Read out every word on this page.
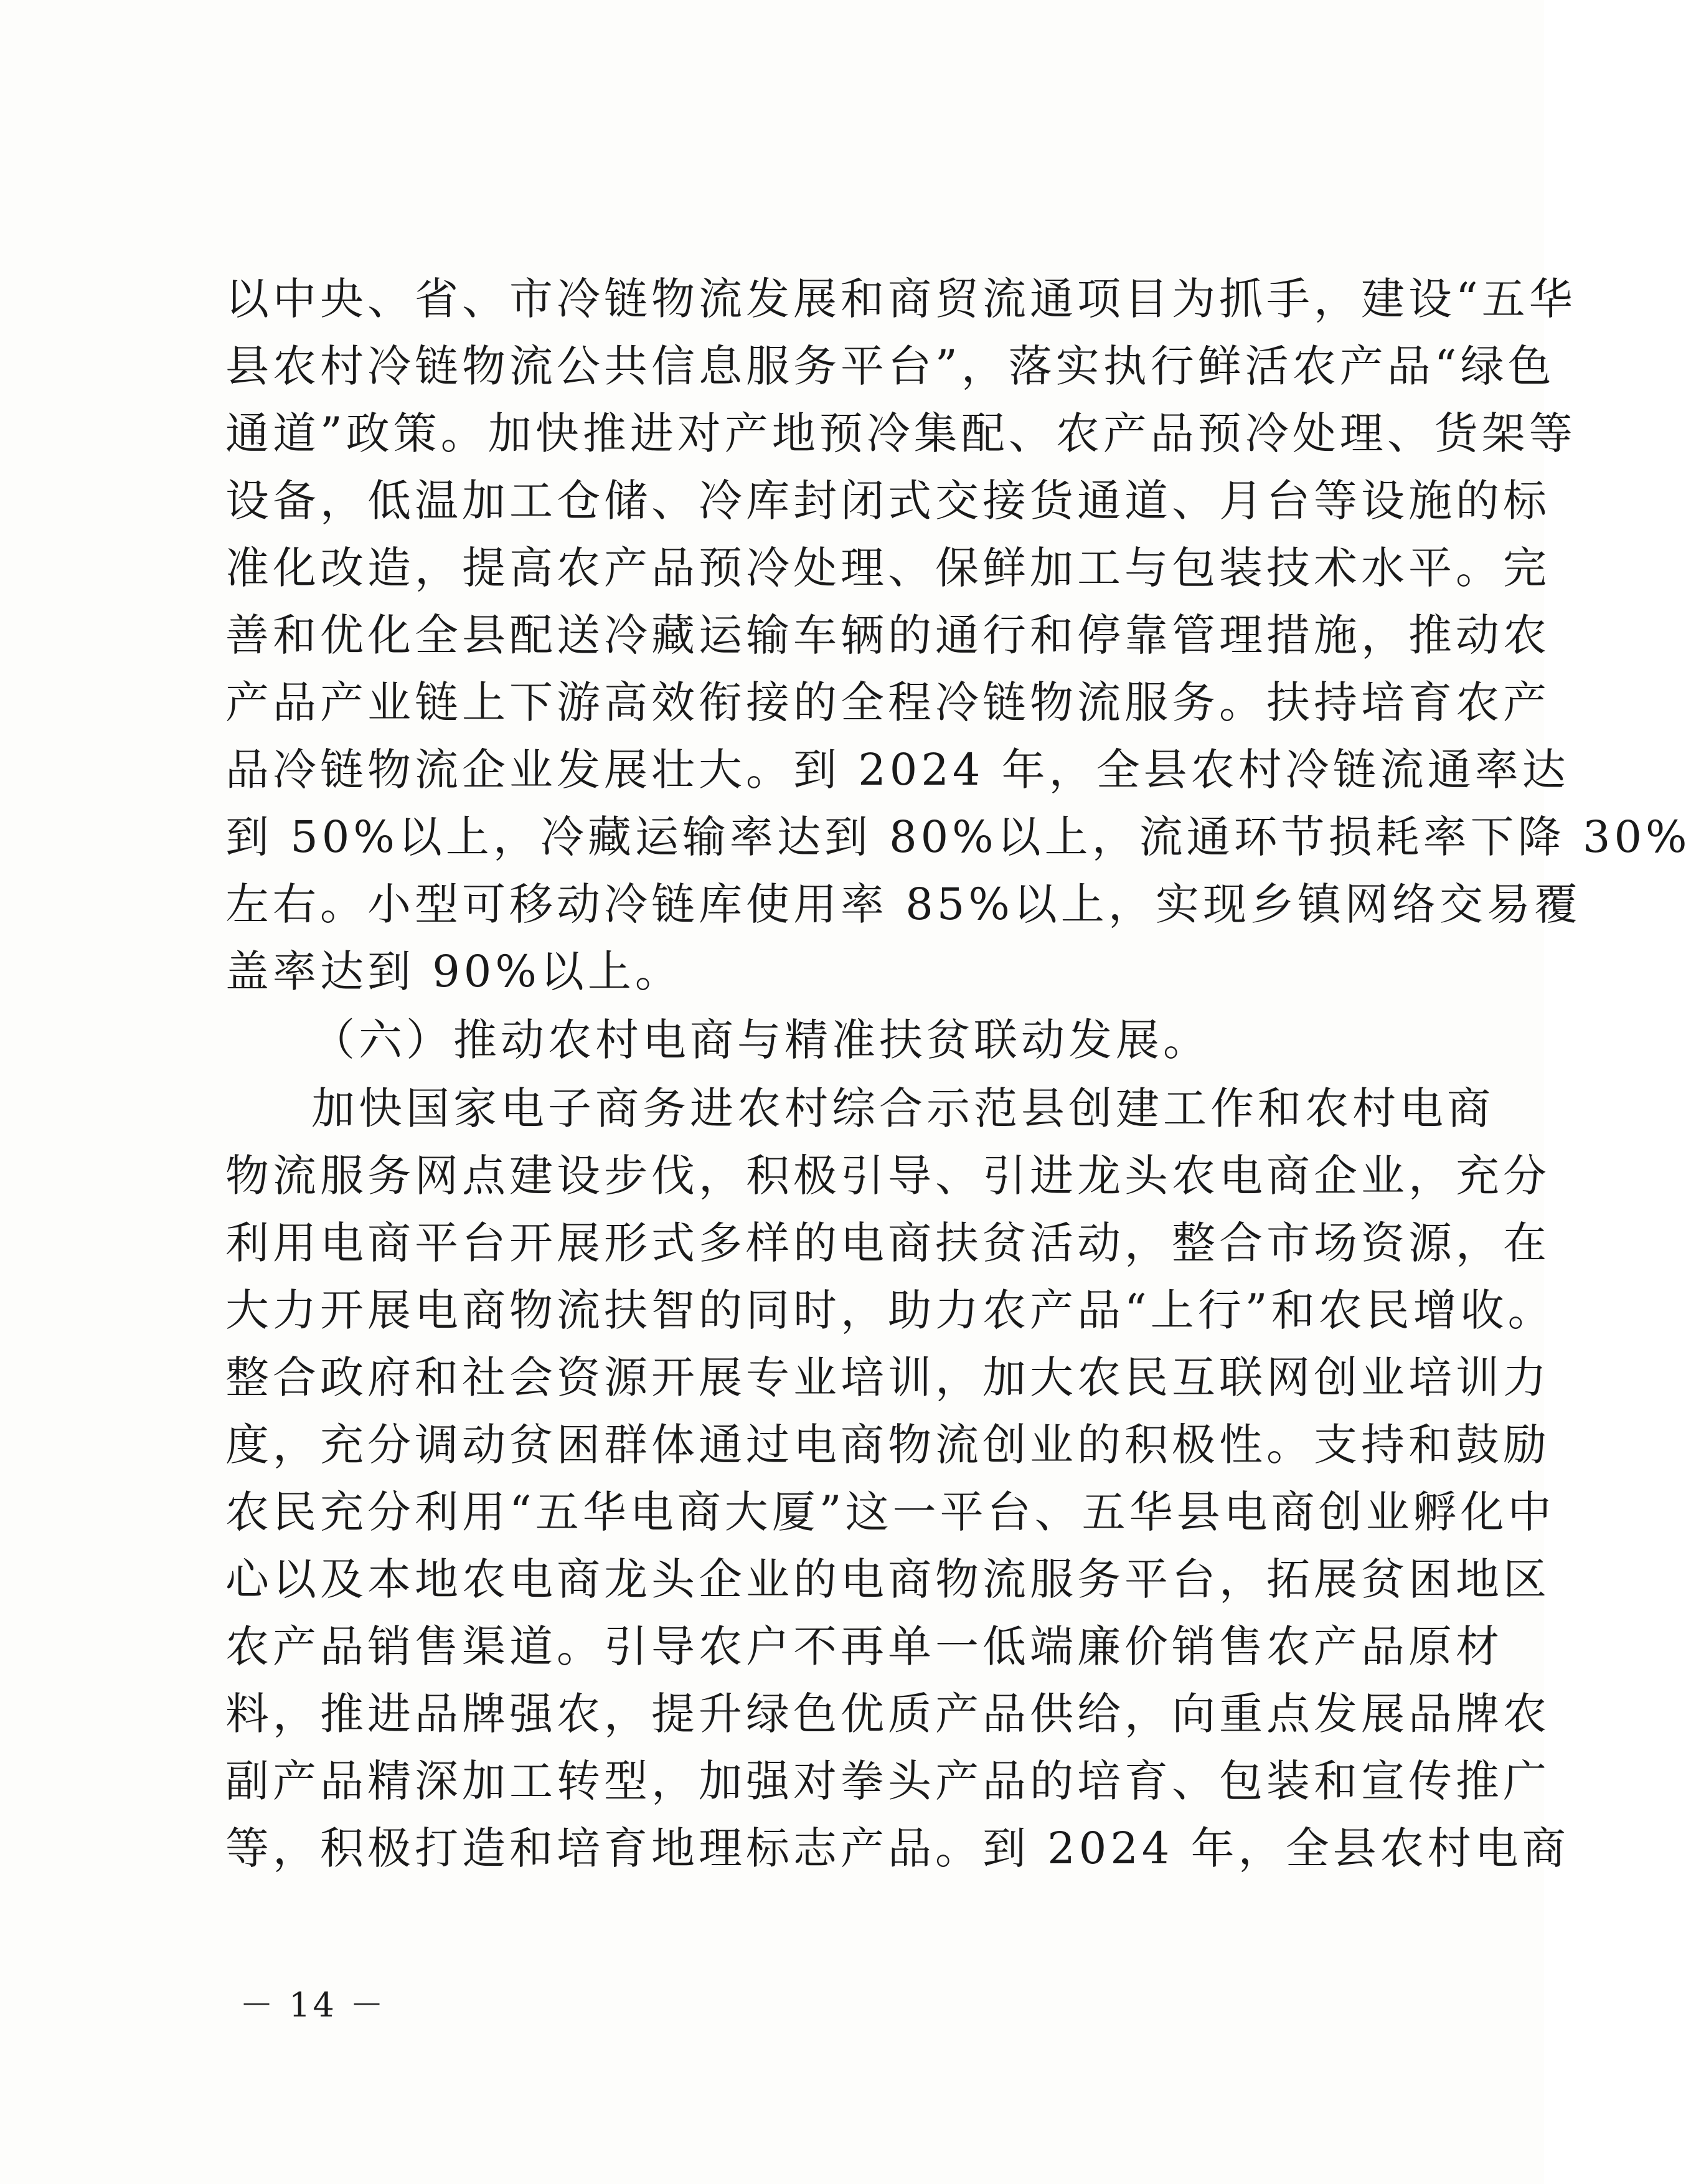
以中央、省、市冷链物流发展和商贸流通项目为抓手，建设“五华
县农村冷链物流公共信息服务平台”，落实执行鲜活农产品“绿色
通道”政策。加快推进对产地预冷集配、农产品预冷处理、货架等
设备，低温加工仓储、冷库封闭式交接货通道、月台等设施的标
准化改造，提高农产品预冷处理、保鲜加工与包装技术水平。完
善和优化全县配送冷藏运输车辆的通行和停靠管理措施，推动农
产品产业链上下游高效衔接的全程冷链物流服务。扶持培育农产
品冷链物流企业发展壮大。到 2024 年，全县农村冷链流通率达
到 50%以上，冷藏运输率达到 80%以上，流通环节损耗率下降 30%
左右。小型可移动冷链库使用率 85%以上，实现乡镇网络交易覆
盖率达到 90%以上。
（六）推动农村电商与精准扶贫联动发展。
加快国家电子商务进农村综合示范县创建工作和农村电商
物流服务网点建设步伐，积极引导、引进龙头农电商企业，充分
利用电商平台开展形式多样的电商扶贫活动，整合市场资源，在
大力开展电商物流扶智的同时，助力农产品“上行”和农民增收。
整合政府和社会资源开展专业培训，加大农民互联网创业培训力
度，充分调动贫困群体通过电商物流创业的积极性。支持和鼓励
农民充分利用“五华电商大厦”这一平台、五华县电商创业孵化中
心以及本地农电商龙头企业的电商物流服务平台，拓展贫困地区
农产品销售渠道。引导农户不再单一低端廉价销售农产品原材
料，推进品牌强农，提升绿色优质产品供给，向重点发展品牌农
副产品精深加工转型，加强对拳头产品的培育、包装和宣传推广
等，积极打造和培育地理标志产品。到 2024 年，全县农村电商
－ 14 －
